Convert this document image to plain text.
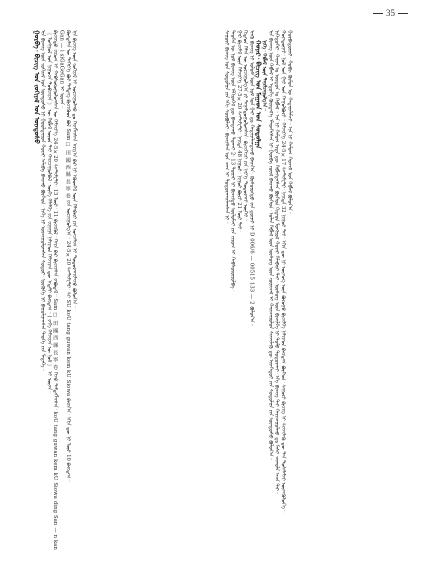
35

ᠰᠠᠭᠤᠷᠢ ᠪᠢᠴᠢᠭ ᠤᠨ ᠰᠤᠳᠤᠯᠭᠠ ᠶᠢᠨ ᠡᠬᠢ ᠰᠤᠷᠪᠤᠯᠵᠢ᠂ ᠪᠢᠴᠢᠭᠰᠡᠨ ᠣᠨ ᠴᠠᠭ ᠢ ᠲᠣᠳᠤᠷᠬᠠᠢᠯᠠᠭᠰᠠᠨ ᠨᠢ᠃ ᠲᠡᠦᠬᠡᠨ ᠦ ᠨᠣᠮ ᠪᠢᠴᠢᠭ ᠦᠨ ᠡᠮᠬᠢᠳᠬᠡᠯ ᠳᠦ ᠪᠠᠭᠲᠠᠬᠤ ᠲᠤᠬᠠᠢ 2· 13 ᠳᠤᠭᠠᠷ ᠨᠢ ᠪᠢᠴᠢᠭᠲᠦ ᠦᠯᠦᠮᠵᠢ ᠶᠢᠨ ᠵᠢᠷᠤᠭ ᠢ ᠬᠠᠪᠰᠤᠷᠤᠭᠤᠯᠪᠠ᠂ ᠭᠠᠷ ᠪᠢᠴᠢᠮᠡᠯ ᠦᠨ ᠬᠡᠮᠵᠢᠶ᠎ᠡ 27·5×20 ᠰᠠᠨᠲ᠋ᠢᠮᠸᠲᠷ᠂ ᠨᠡᠢᠲᠡ 48 ᠨᠢᠭᠤᠷ᠂ ᠨᠢᠭᠤᠷ ᠪᠦᠷᠢ 21 ᠮᠥᠷ ᠲᠡᠢ᠂ ᠬᠢᠲᠠᠳ ᠬᠡᠯᠡᠨ ᠦ ᠣᠷᠴᠢᠭᠤᠯᠭ᠎ᠠ ᠶᠢ ᠳᠠᠭᠠᠯᠳᠤᠭᠤᠯᠤᠭᠰᠠᠨ᠂ ᠪᠢᠴᠢᠭᠡᠴᠢ ᠶᠢᠨ ᠨᠡᠷ᠎ᠡ ᠲᠣᠳᠤᠷᠬᠠᠢ ᠦᠭᠡᠢ᠃ ᠡᠨᠡᠬᠦ ᠪᠢᠴᠢᠭ ᠨᠢ ᠤᠯᠤᠰ ᠦᠨ ᠨᠣᠮ ᠤᠨ ᠭᠠᠷ ᠳᠤ ᠬᠠᠳᠠᠭᠠᠯᠠᠭᠳᠠᠵᠤ ᠪᠠᠢᠨ᠎ᠠ᠂ ᠬᠦᠰᠦᠨᠦᠭᠲᠦ ᠶᠢᠨ ᠳ᠋ᠤᠭᠠᠷ ᠨᠢ D 006/6 — 00515 133 — 2 ᠪᠣᠯᠤᠨ᠎ᠠ᠃ ᠬᠣᠶᠠᠷ᠂ ᠪᠢᠴᠢᠭ ᠤᠨ ᠮᠠᠭᠠᠳ ᠤᠨ ᠰᠤᠳᠤᠯᠭᠠ ᠨᠢᠭᠡ᠂ ᠬᠡᠪᠯᠡᠯ ᠦᠨ ᠲᠠᠨᠢᠯᠴᠠᠭᠤᠯᠭ᠎ᠠ᠃ ᠡᠨᠡ ᠪᠢᠴᠢᠭ ᠦᠨ ᠬᠡᠪᠯᠡᠯ ᠢ ᠡᠳᠦᠭᠡ ᠬᠦᠷᠲᠡᠯ᠎ᠡ ᠡᠯᠡᠳᠬᠡᠭᠰᠡᠨ ᠨᠢ ᠭᠤᠷᠪᠠ ᠵᠦᠢᠯ ᠪᠠᠢᠬᠤ ᠪᠥᠭᠡᠳ᠂ ᠣᠯᠠᠨ ᠬᠡᠪᠯᠡᠯ ᠦᠨ ᠦᠰᠦᠭ ᠦᠨ ᠵᠥᠷᠢᠴᠡᠯ ᠢ ᠬᠠᠷᠢᠴᠠᠭᠤᠯᠤᠨ ᠰᠢᠨᠵᠢᠯᠡᠬᠦ ᠳᠦ ᠢᠷᠡᠭᠡᠳᠦᠢ ᠶᠢᠨ ᠰᠤᠳᠤᠯᠭᠠ ᠶᠢᠨ ᠦᠨᠳᠦᠰᠦ ᠪᠣᠯᠤᠨ᠎ᠠ᠃ ᠨᠢᠭᠡᠳᠦᠭᠡᠷ᠂ ᠬᠠᠭᠠᠨ ᠤ ᠣᠷᠳᠣᠨ ᠤ ᠬᠡᠪᠯᠡᠯ᠃ ᠡᠨᠡ ᠨᠢ ᠬᠠᠮᠤᠭ ᠡᠷᠲᠡ ᠳᠦ ᠬᠡᠪᠯᠡᠭᠳᠡᠭᠰᠡᠨ ᠪᠥᠭᠡᠳ ᠬᠢᠲᠠᠳ ᠮᠣᠩᠭᠣᠯ ᠬᠣᠶᠠᠷ ᠬᠡᠯᠡᠪᠡᠷᠢ ᠲᠡᠢ᠂ ᠦᠰᠦᠭ ᠦᠨ ᠪᠢᠴᠢᠯᠭᠡ ᠨᠢ ᠲᠣᠮᠣ ᠲᠣᠳᠤᠷᠬᠠᠢ᠂ ᠡᠬᠡ ᠪᠢᠴᠢᠭ ᠲᠡᠢ ᠬᠠᠷᠢᠴᠠᠭᠤᠯᠬᠤ ᠳᠤ ᠮᠠᠰᠢ ᠴᠢᠬᠤᠯᠠ ᠠᠴᠠ ᠲᠠᠢ᠃ ᠬᠣᠶᠠᠳᠤᠭᠠᠷ᠂ ᠨᠣᠮ ᠤᠨ ᠭᠠᠷ ᠤᠨ ᠬᠠᠭᠤᠯᠪᠤᠷᠢ᠃ ᠬᠡᠮᠵᠢᠶ᠎ᠡ 24·5×17 ᠰᠠᠨᠲ᠋ᠢᠮᠸᠲᠷ᠂ ᠨᠡᠢᠲᠡ 32 ᠨᠢᠭᠤᠷ ᠲᠠᠢ᠂ ᠡᠬᠢᠨ ᠳᠦ ᠨᠢ ᠦᠵᠦᠭ ᠦᠨ ᠪᠤᠷᠤᠭᠤ ᠪᠢᠴᠢᠯᠭᠡ ᠨᠡᠯᠢᠶᠡᠳ ᠪᠠᠢᠳᠠᠭ ᠪᠥᠭᠡᠳ᠂ ᠰᠠᠭᠤᠷᠢ ᠪᠢᠴᠢᠭ ᠢ ᠰᠢᠨᠵᠢᠯᠡᠬᠦ ᠳᠦ ᠳᠠᠨ ᠲᠤᠰᠠᠯᠠᠮᠵᠢ ᠦᠵᠡᠭᠦᠯᠦᠨ᠎ᠡ᠃ ᠭᠤᠷᠪᠠᠳᠤᠭᠠᠷ᠂ ᠬᠤᠪᠢ ᠬᠦᠮᠦᠨ ᠦ ᠬᠠᠳᠠᠭᠠᠯᠠᠮᠵᠢ᠃ ᠡᠨᠡ ᠨᠢ ᠬᠠᠮᠤᠭ ᠬᠣᠵᠢᠮ ᠤᠨ ᠬᠡᠪᠯᠡᠯ ᠪᠣᠯᠤᠨ᠎ᠠ᠃

ᠭᠤᠷᠪᠠ᠂ ᠪᠢᠴᠢᠭ ᠤᠨ ᠵᠣᠬᠢᠶᠠᠯ ᠤᠨ ᠦᠨᠳᠦᠰᠦ ᠡᠨᠡ ᠪᠢᠴᠢᠭ ᠦᠨ ᠵᠣᠬᠢᠶᠠᠯ ᠤᠨ ᠦᠨᠳᠦᠰᠦ ᠨᠢ ᠭᠣᠣᠯᠳᠠᠭᠤᠨ ᠬᠣᠶᠠᠷ ᠠᠯᠢᠪᠠ ᠪᠠᠢᠬᠤ ᠪᠥᠭᠡᠳ᠂ ᠨᠢᠭᠡ ᠨᠢ ᠣᠷᠴᠢᠭᠤᠯᠤᠭᠰᠠᠨ ᠰᠤᠳᠤᠷ᠂ ᠨᠥᠭᠦᠭᠡ ᠨᠢ ᠪᠠᠭᠤᠯᠭᠠᠭᠰᠠᠨ ᠲᠡᠦᠬᠡ ᠶᠢᠨ ᠮᠡᠳᠡᠭᠡ᠃ 《 ᠮᠣᠩᠭᠣᠯ ᠤᠨ ᠨᠢᠭᠤᠴᠠ ᠲᠣᠪᠴᠢᠶᠠᠨ 》 ᠦ ᠬᠡᠪᠯᠡᠯ ᠦᠳ ᠲᠡᠢ ᠬᠠᠷᠢᠴᠠᠭᠤᠯᠪᠠᠯ᠂ ᠦᠭᠡ ᠬᠡᠯᠡᠯᠭᠡ ᠶᠢᠨ ᠵᠢᠭᠠᠭᠠ ᠨᠡᠯᠢᠶᠡᠳ ᠬᠡᠮᠵᠢᠶᠡᠨ ᠳᠦ ᠠᠳᠠᠯᠢ ᠪᠠᠢᠳᠠᠭ᠃ ( ᠶᠡᠬᠡ ᠬᠡᠮᠵᠢᠶᠡᠨ ᠦ ᠨᠣᠮ 》 ᠢ ᠦᠵᠡ᠃ ᠪᠢᠴᠢᠭᠲᠦ ᠵᠢᠷᠤᠭ ᠢ ᠬᠠᠪᠰᠤᠷᠤᠭᠤᠯᠤᠭᠰᠠᠨ ᠦ ᠬᠡᠮᠵᠢᠶ᠎ᠡ 24·5×20 ᠰᠠᠨᠲ᠋ᠢᠮᠸᠲᠷ᠂ 13 ᠮᠥᠷ᠂ 11 ᠪᠢᠴᠢᠭᠦᠯ᠂ ᠬᠠᠷᠠ ᠪᠡᠷ ᠪᠢᠴᠢᠭᠰᠡᠨ ᠶᠠᠪᠤᠳᠠᠯ᠃ Sam ☐ 田 國 西 縣 長 寧 卷 ᠭᠡᠵᠦ ᠲᠡᠮᠳᠡᠭᠯᠡᠭᠰᠡᠨ᠂ koU tang guwan kem kU Siowa ding San — n kan Gan — i siGaGeGan ᠢ ᠦᠵᠡ᠃ ᠬᠥᠨᠳᠡᠯᠡᠨ ᠦ ᠳᠡᠭᠡᠷ᠎ᠡ ᠪᠤᠢ ᠲᠡᠮᠳᠡᠭ ᠪᠢᠴᠢᠭᠦᠳ ᠪᠣᠯ Sam ☐ 田 國 西 縣 長 寧 卷 ᠶᠢᠨ ᠣᠷᠴᠢᠭᠤᠯᠭ᠎ᠠ᠃ 24·5×20 ᠰᠠᠨᠲ᠋ᠢᠮᠸᠲᠷ᠂ ᠰᠢ SU koU tang guwan kem kU Siowa ᠪᠠᠢᠨ᠎ᠠ᠂ ᠡᠬᠢᠨ ᠳᠦ ᠨᠢ ᠮᠥᠷ 10 ᠪᠠᠢᠳᠠᠭ᠃ ᠡᠨᠡ ᠪᠢᠴᠢᠭ ᠦᠨ ᠵᠣᠬᠢᠶᠠᠯ ᠢ ᠣᠷᠴᠢᠭᠤᠯᠬᠤ ᠳᠤ ᠬᠡᠷᠡᠭᠯᠡᠭᠰᠡᠨ ᠠᠷᠭ᠎ᠠ ᠪᠠᠷ ᠨᠢ ᠡᠭᠦᠳᠬᠡᠯ ᠦᠨ ᠬᠡᠯᠡᠪᠡᠷᠢ ᠶᠢᠨ ᠣᠨᠴᠠᠯᠢᠭ ᠢ ᠲᠣᠳᠤᠷᠬᠠᠢᠯᠠᠵᠤ ᠪᠣᠯᠤᠨ᠎ᠠ᠃
